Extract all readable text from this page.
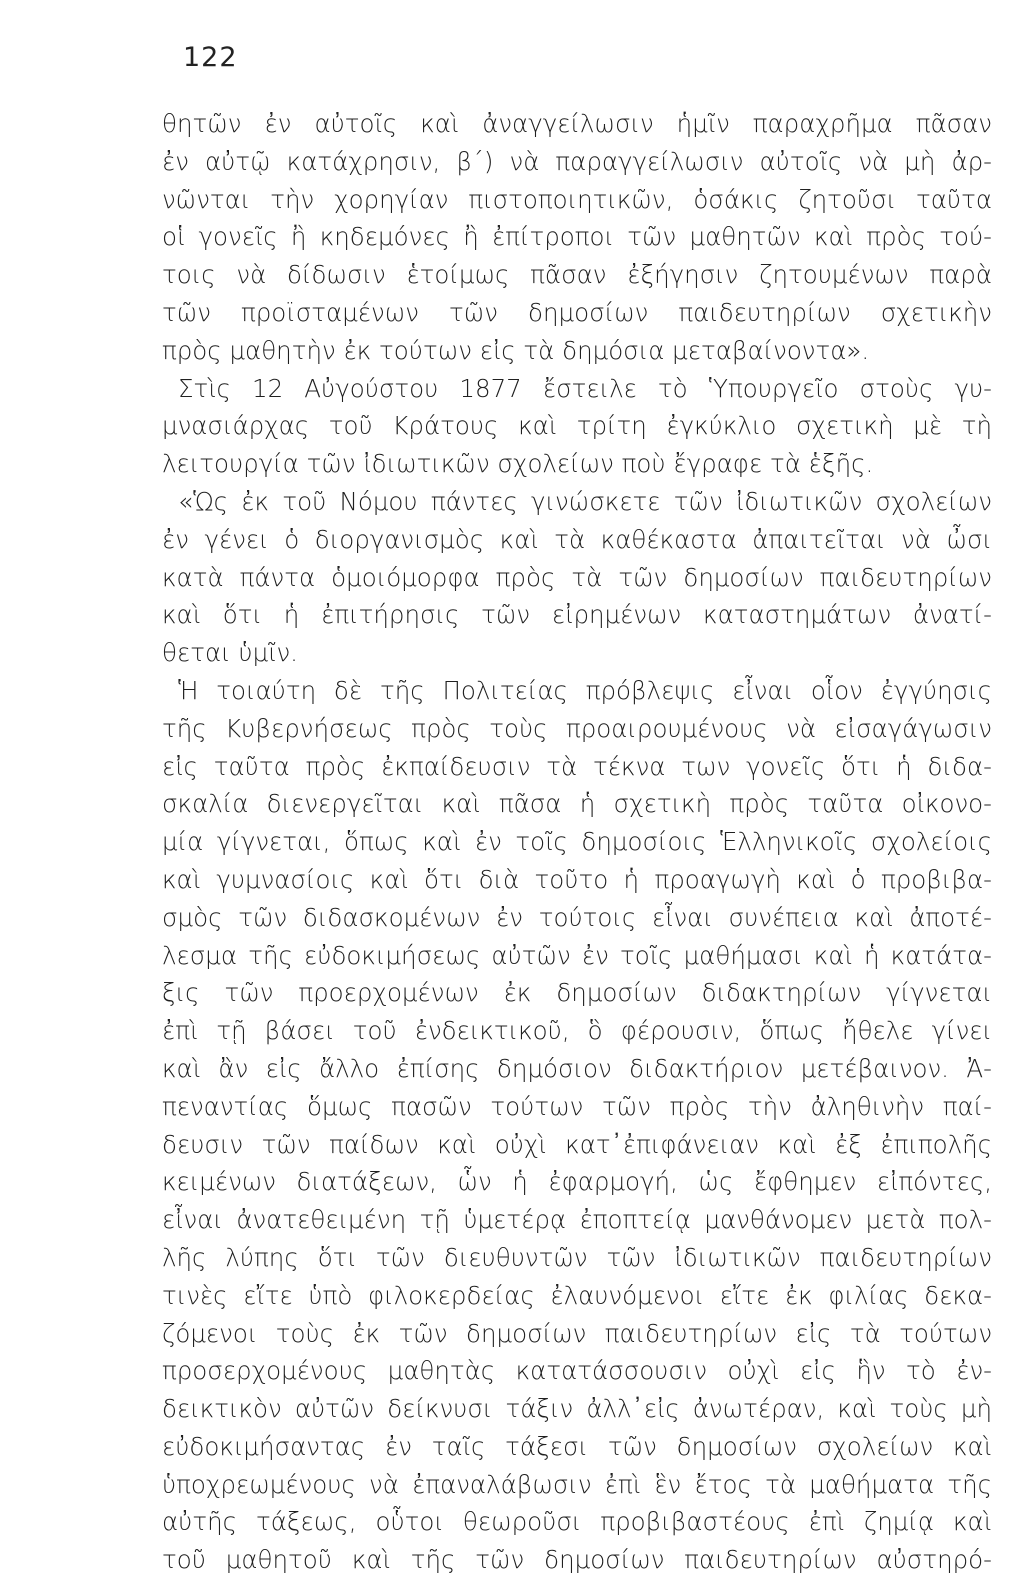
122
θητῶν ἐν αὐτοῖς καὶ ἀναγγείλωσιν ἡμῖν παραχρῆμα πᾶσαν
ἐν αὐτῷ κατάχρησιν, β΄) νὰ παραγγείλωσιν αὐτοῖς νὰ μὴ ἀρ-
νῶνται τὴν χορηγίαν πιστοποιητικῶν, ὁσάκις ζητοῦσι ταῦτα
οἱ γονεῖς ἢ κηδεμόνες ἢ ἐπίτροποι τῶν μαθητῶν καὶ πρὸς τού-
τοις νὰ δίδωσιν ἑτοίμως πᾶσαν ἐξήγησιν ζητουμένων παρὰ
τῶν προϊσταμένων τῶν δημοσίων παιδευτηρίων σχετικὴν
πρὸς μαθητὴν ἐκ τούτων εἰς τὰ δημόσια μεταβαίνοντα».
Στὶς 12 Αὐγούστου 1877 ἔστειλε τὸ Ὑπουργεῖο στοὺς γυ-
μνασιάρχας τοῦ Κράτους καὶ τρίτη ἐγκύκλιο σχετικὴ μὲ τὴ
λειτουργία τῶν ἰδιωτικῶν σχολείων ποὺ ἔγραφε τὰ ἑξῆς.
«Ὡς ἐκ τοῦ Νόμου πάντες γινώσκετε τῶν ἰδιωτικῶν σχολείων
ἐν γένει ὁ διοργανισμὸς καὶ τὰ καθέκαστα ἀπαιτεῖται νὰ ὦσι
κατὰ πάντα ὁμοιόμορφα πρὸς τὰ τῶν δημοσίων παιδευτηρίων
καὶ ὅτι ἡ ἐπιτήρησις τῶν εἰρημένων καταστημάτων ἀνατί-
θεται ὑμῖν.
Ἡ τοιαύτη δὲ τῆς Πολιτείας πρόβλεψις εἶναι οἷον ἐγγύησις
τῆς Κυβερνήσεως πρὸς τοὺς προαιρουμένους νὰ εἰσαγάγωσιν
εἰς ταῦτα πρὸς ἐκπαίδευσιν τὰ τέκνα των γονεῖς ὅτι ἡ διδα-
σκαλία διενεργεῖται καὶ πᾶσα ἡ σχετικὴ πρὸς ταῦτα οἰκονο-
μία γίγνεται, ὅπως καὶ ἐν τοῖς δημοσίοις Ἑλληνικοῖς σχολείοις
καὶ γυμνασίοις καὶ ὅτι διὰ τοῦτο ἡ προαγωγὴ καὶ ὁ προβιβα-
σμὸς τῶν διδασκομένων ἐν τούτοις εἶναι συνέπεια καὶ ἀποτέ-
λεσμα τῆς εὐδοκιμήσεως αὐτῶν ἐν τοῖς μαθήμασι καὶ ἡ κατάτα-
ξις τῶν προερχομένων ἐκ δημοσίων διδακτηρίων γίγνεται
ἐπὶ τῇ βάσει τοῦ ἐνδεικτικοῦ, ὃ φέρουσιν, ὅπως ἤθελε γίνει
καὶ ἂν εἰς ἄλλο ἐπίσης δημόσιον διδακτήριον μετέβαινον. Ἀ-
πεναντίας ὅμως πασῶν τούτων τῶν πρὸς τὴν ἀληθινὴν παί-
δευσιν τῶν παίδων καὶ οὐχὶ κατ᾽ἐπιφάνειαν καὶ ἐξ ἐπιπολῆς
κειμένων διατάξεων, ὧν ἡ ἐφαρμογή, ὡς ἔφθημεν εἰπόντες,
εἶναι ἀνατεθειμένη τῇ ὑμετέρᾳ ἐποπτείᾳ μανθάνομεν μετὰ πολ-
λῆς λύπης ὅτι τῶν διευθυντῶν τῶν ἰδιωτικῶν παιδευτηρίων
τινὲς εἴτε ὑπὸ φιλοκερδείας ἐλαυνόμενοι εἴτε ἐκ φιλίας δεκα-
ζόμενοι τοὺς ἐκ τῶν δημοσίων παιδευτηρίων εἰς τὰ τούτων
προσερχομένους μαθητὰς κατατάσσουσιν οὐχὶ εἰς ἣν τὸ ἐν-
δεικτικὸν αὐτῶν δείκνυσι τάξιν ἀλλ᾽εἰς ἀνωτέραν, καὶ τοὺς μὴ
εὐδοκιμήσαντας ἐν ταῖς τάξεσι τῶν δημοσίων σχολείων καὶ
ὑποχρεωμένους νὰ ἐπαναλάβωσιν ἐπὶ ἓν ἔτος τὰ μαθήματα τῆς
αὐτῆς τάξεως, οὗτοι θεωροῦσι προβιβαστέους ἐπὶ ζημίᾳ καὶ
τοῦ μαθητοῦ καὶ τῆς τῶν δημοσίων παιδευτηρίων αὐστηρό-
